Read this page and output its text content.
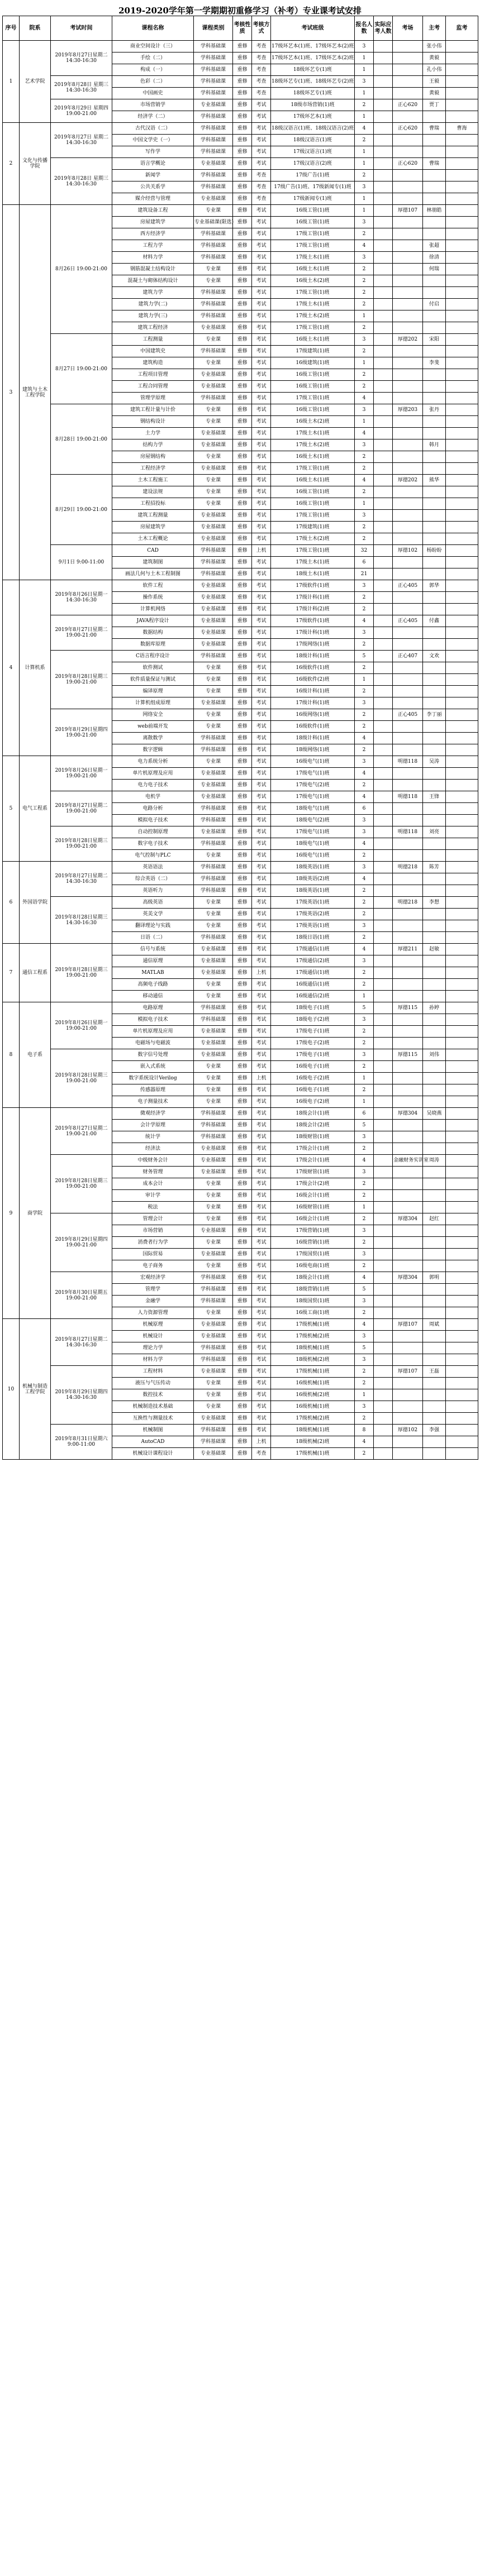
2019-2020学年第一学期期初重修学习（补考）专业课考试安排
序号	院系	考试时间	课程名称	课程类别	考核性质	考核方式	考试班级	报名人数	实际应考人数	考场	主考	监考
1	艺术学院	2019年8月27日星期二 14:30-16:30	商业空间设计（三）	学科基础课	重修	考查	17级环艺本(1)班、17级环艺本(2)班	3			张小伟	
			手绘（二）	学科基础课	重修	考查	17级环艺本(1)班、17级环艺本(2)班	1			黄毅	
			构成（一）	学科基础课	重修	考查	18级环艺专(1)班	1			孔小伟	
		2019年8月28日 星期三 14:30-16:30	色彩（二）	学科基础课	重修	考查	18级环艺专(1)班、18级环艺专(2)班	3			王毅	
			中国画史	学科基础课	重修	考查	18级环艺专(1)班	1			黄毅	
		2019年8月29日 星期四 19:00-21:00	市场营销学	专业基础课	重修	考试	18级市场营销(1)班	2		正心620	贾丁	
			经济学（二）	学科基础课	重修	考试	17级环艺本(1)班	1				
2	文化与传播学院	2019年8月27日 星期二 14:30-16:30	古代汉语（二）	学科基础课	重修	考试	18级汉语言(1)班、18级汉语言(2)班	4		正心620	曹瑞	曹海
			中国文学史（一）	学科基础课	重修	考试	18级汉语言(1)班	2				
			写作学	学科基础课	重修	考试	17级汉语言(1)班	1				
		2019年8月28日 星期三 14:30-16:30	语言学概论	专业基础课	重修	考试	17级汉语言(2)班	1		正心620	曹瑞	
			新闻学	学科基础课	重修	考查	17级广告(1)班	2				
			公共关系学	学科基础课	重修	考查	17级广告(1)班、17级新闻专(1)班	3				
			媒介经营与管理	专业基础课	重修	考查	17级新闻专(1)班	1				
3	建筑与土木工程学院	8月26日 19:00-21:00	建筑设备工程	专业课	重修	考试	16级工管(1)班	1		厚德107	林朋皓	
			房屋建筑学	专业基础课(限选)	重修	考试	16级工管(1)班	3				
			西方经济学	学科基础课	重修	考试	17级工管(1)班	2				
			工程力学	学科基础课	重修	考试	17级工管(1)班	4			张超	
			材料力学	学科基础课	重修	考试	17级土木(1)班	3			徐清	
			钢筋混凝土结构设计	专业课	重修	考试	16级土木(1)班	2			何瑞	
			混凝土与砌体结构设计	专业课	重修	考试	16级土木(2)班	2				
			建筑力学	学科基础课	重修	考试	17级工管(1)班	2				
			建筑力学(二)	学科基础课	重修	考试	17级土木(1)班	2			付启	
			建筑力学(三)	学科基础课	重修	考试	17级土木(2)班	1				
			建筑工程经济	专业基础课	重修	考试	17级工管(1)班	2				
		8月27日 19:00-21:00	工程测量	专业课	重修	考试	16级土木(1)班	3		厚德202	宋阳	
			中国建筑史	学科基础课	重修	考试	17级建筑(1)班	2				
			建筑构造	专业课	重修	考试	16级建筑(1)班	1			李斐	
			工程项目管理	专业基础课	重修	考试	16级工管(1)班	2				
			工程合同管理	专业基础课	重修	考试	16级工管(1)班	2				
			管理学原理	学科基础课	重修	考试	17级工管(1)班	4				
		8月28日 19:00-21:00	建筑工程计量与计价	专业课	重修	考试	16级工管(1)班	3		厚德203	张丹	
			钢结构设计	专业课	重修	考试	16级土木(2)班	1				
			土力学	专业基础课	重修	考试	17级土木(1)班	4				
			结构力学	专业基础课	重修	考试	17级土木(2)班	3			韩月	
			房屋钢结构	专业课	重修	考试	16级土木(1)班	2				
			工程经济学	专业基础课	重修	考试	17级工管(1)班	2				
		8月29日 19:00-21:00	土木工程施工	专业课	重修	考试	16级土木(1)班	4		厚德202	熊华	
			建设法规	专业课	重修	考试	16级工管(1)班	2				
			工程招投标	专业课	重修	考试	16级工管(1)班	1				
			建筑工程测量	专业基础课	重修	考试	17级工管(1)班	3				
			房屋建筑学	专业基础课	重修	考试	17级建筑(1)班	2				
			土木工程概论	专业基础课	重修	考试	17级土木(2)班	2				
		9月1日 9:00-11:00	CAD	学科基础课	重修	上机	17级工管(1)班	32		厚德102	杨盼盼	
			建筑制图	学科基础课	重修	考试	17级土木(1)班	6				
			画法几何与土木工程制图	学科基础课	重修	考试	18级土木(1)班	21				
4	计算机系	2019年8月26日星期一 14:30-16:30	软件工程	专业基础课	重修	考试	17级软件(1)班	3		正心405	郭华	
			操作系统	专业基础课	重修	考试	17级计科(1)班	2				
			计算机网络	专业基础课	重修	考试	17级计科(2)班	2				
		2019年8月27日星期二 19:00-21:00	JAVA程序设计	专业基础课	重修	考试	17级软件(1)班	4		正心405	付鑫	
			数据结构	专业基础课	重修	考试	17级计科(1)班	3				
			数据库原理	专业基础课	重修	考试	17级网络(1)班	2				
		2019年8月28日星期三 19:00-21:00	C语言程序设计	学科基础课	重修	考试	18级计科(1)班	5		正心407	文欢	
			软件测试	专业课	重修	考试	16级软件(1)班	2				
			软件质量保证与测试	专业课	重修	考试	16级软件(2)班	1				
			编译原理	专业课	重修	考试	16级计科(1)班	2				
			计算机组成原理	专业基础课	重修	考试	17级计科(1)班	3				
		2019年8月29日星期四 19:00-21:00	网络安全	专业课	重修	考试	16级网络(1)班	2		正心405	李丁丽	
			web前端开发	专业课	重修	考试	16级软件(1)班	2				
			离散数学	学科基础课	重修	考试	18级计科(1)班	4				
			数字逻辑	学科基础课	重修	考试	18级网络(1)班	2				
5	电气工程系	2019年8月26日星期一 19:00-21:00	电力系统分析	专业课	重修	考试	16级电气(1)班	3		明德118	吴涛	
			单片机原理及应用	专业基础课	重修	考试	17级电气(1)班	4				
			电力电子技术	专业基础课	重修	考试	17级电气(2)班	2				
		2019年8月27日星期二 19:00-21:00	电机学	专业基础课	重修	考试	17级电气(1)班	4		明德118	王锋	
			电路分析	学科基础课	重修	考试	18级电气(1)班	6				
			模拟电子技术	学科基础课	重修	考试	18级电气(2)班	3				
		2019年8月28日星期三 19:00-21:00	自动控制原理	专业基础课	重修	考试	17级电气(1)班	3		明德118	刘亮	
			数字电子技术	学科基础课	重修	考试	18级电气(1)班	4				
			电气控制与PLC	专业课	重修	考试	16级电气(1)班	2				
6	外国语学院	2019年8月27日星期二 14:30-16:30	英语语法	学科基础课	重修	考试	18级英语(1)班	3		明德218	陈芳	
			综合英语（二）	学科基础课	重修	考试	18级英语(2)班	4				
			英语听力	学科基础课	重修	考试	18级英语(1)班	2				
		2019年8月28日星期三 14:30-16:30	高级英语	专业课	重修	考试	17级英语(1)班	2		明德218	李想	
			英美文学	专业课	重修	考试	17级英语(2)班	2				
			翻译理论与实践	专业课	重修	考试	17级英语(1)班	3				
			日语（二）	学科基础课	重修	考试	18级日语(1)班	2				
7	通信工程系	2019年8月28日星期三 19:00-21:00	信号与系统	专业基础课	重修	考试	17级通信(1)班	4		厚德211	赵敏	
			通信原理	专业基础课	重修	考试	17级通信(2)班	3				
			MATLAB	专业基础课	重修	上机	17级通信(1)班	2				
			高频电子线路	专业课	重修	考试	16级通信(1)班	2				
			移动通信	专业课	重修	考试	16级通信(2)班	1				
8	电子系	2019年8月26日星期一 19:00-21:00	电路原理	学科基础课	重修	考试	18级电子(1)班	5		厚德115	孙婷	
			模拟电子技术	学科基础课	重修	考试	18级电子(2)班	3				
			单片机原理及应用	专业基础课	重修	考试	17级电子(1)班	2				
			电磁场与电磁波	专业基础课	重修	考试	17级电子(2)班	2				
		2019年8月28日星期三 19:00-21:00	数字信号处理	专业基础课	重修	考试	17级电子(1)班	3		厚德115	刘伟	
			嵌入式系统	专业课	重修	考试	16级电子(1)班	2				
			数字系统设计Verilog	专业课	重修	上机	16级电子(2)班	1				
			传感器原理	专业课	重修	考试	16级电子(1)班	2				
			电子测量技术	专业课	重修	考试	16级电子(2)班	1				
9	商学院	2019年8月27日星期二 19:00-21:00	微观经济学	学科基础课	重修	考试	18级会计(1)班	6		厚德304	吴晓燕	
			会计学原理	学科基础课	重修	考试	18级会计(2)班	5				
			统计学	学科基础课	重修	考试	18级财管(1)班	3				
			经济法	专业基础课	重修	考试	17级会计(1)班	2				
		2019年8月28日星期三 19:00-21:00	中级财务会计	专业基础课	重修	考试	17级会计(1)班	4		金融财务实训室	周涛	
			财务管理	专业基础课	重修	考试	17级财管(1)班	3				
			成本会计	专业课	重修	考试	17级会计(2)班	2				
			审计学	专业课	重修	考试	16级会计(1)班	2				
			税法	专业课	重修	考试	16级财管(1)班	1				
		2019年8月29日星期四 19:00-21:00	管理会计	专业课	重修	考试	16级会计(1)班	2		厚德304	赵红	
			市场营销	专业基础课	重修	考试	17级营销(1)班	3				
			消费者行为学	专业课	重修	考试	16级营销(1)班	2				
			国际贸易	专业基础课	重修	考试	17级国贸(1)班	3				
			电子商务	专业课	重修	考试	16级电商(1)班	2				
		2019年8月30日星期五 19:00-21:00	宏观经济学	学科基础课	重修	考试	18级会计(1)班	4		厚德304	郭明	
			管理学	学科基础课	重修	考试	18级营销(1)班	5				
			金融学	学科基础课	重修	考试	18级国贸(1)班	3				
			人力资源管理	专业课	重修	考试	16级工商(1)班	2				
10	机械与制造工程学院	2019年8月27日星期二 14:30-16:30	机械原理	专业基础课	重修	考试	17级机械(1)班	4		厚德107	周斌	
			机械设计	专业基础课	重修	考试	17级机械(2)班	3				
			理论力学	学科基础课	重修	考试	18级机械(1)班	5				
			材料力学	学科基础课	重修	考试	18级机械(2)班	3				
		2019年8月29日星期四 14:30-16:30	工程材料	专业基础课	重修	考试	17级机械(1)班	2		厚德107	王磊	
			液压与气压传动	专业课	重修	考试	16级机械(1)班	2				
			数控技术	专业课	重修	考试	16级机械(2)班	1				
			机械制造技术基础	专业课	重修	考试	16级机械(1)班	3				
			互换性与测量技术	专业基础课	重修	考试	17级机械(2)班	2				
		2019年8月31日星期六 9:00-11:00	机械制图	学科基础课	重修	考试	18级机械(1)班	8		厚德102	李强	
			AutoCAD	学科基础课	重修	上机	18级机械(2)班	4				
			机械设计课程设计	专业基础课	重修	考查	17级机械(1)班	2				
